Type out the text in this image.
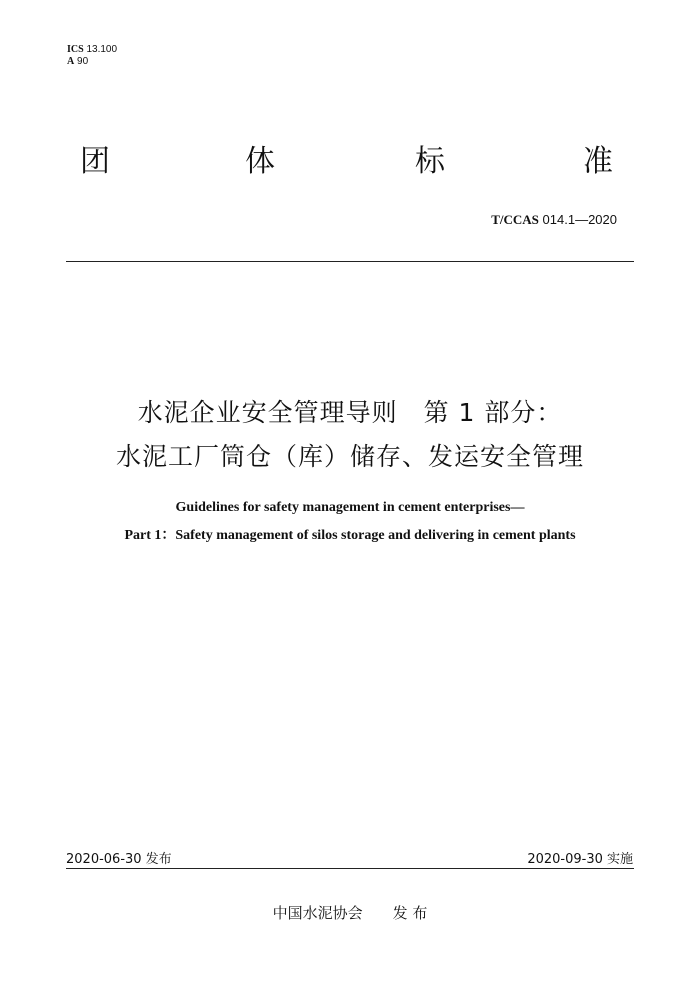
ICS 13.100
A 90
团	体	标	准
T/CCAS 014.1—2020
水泥企业安全管理导则　第 1 部分：
水泥工厂筒仓（库）储存、发运安全管理
Guidelines for safety management in cement enterprises—
Part 1：Safety management of silos storage and delivering in cement plants
2020-06-30 发布	2020-09-30 实施
中国水泥协会 发 布
